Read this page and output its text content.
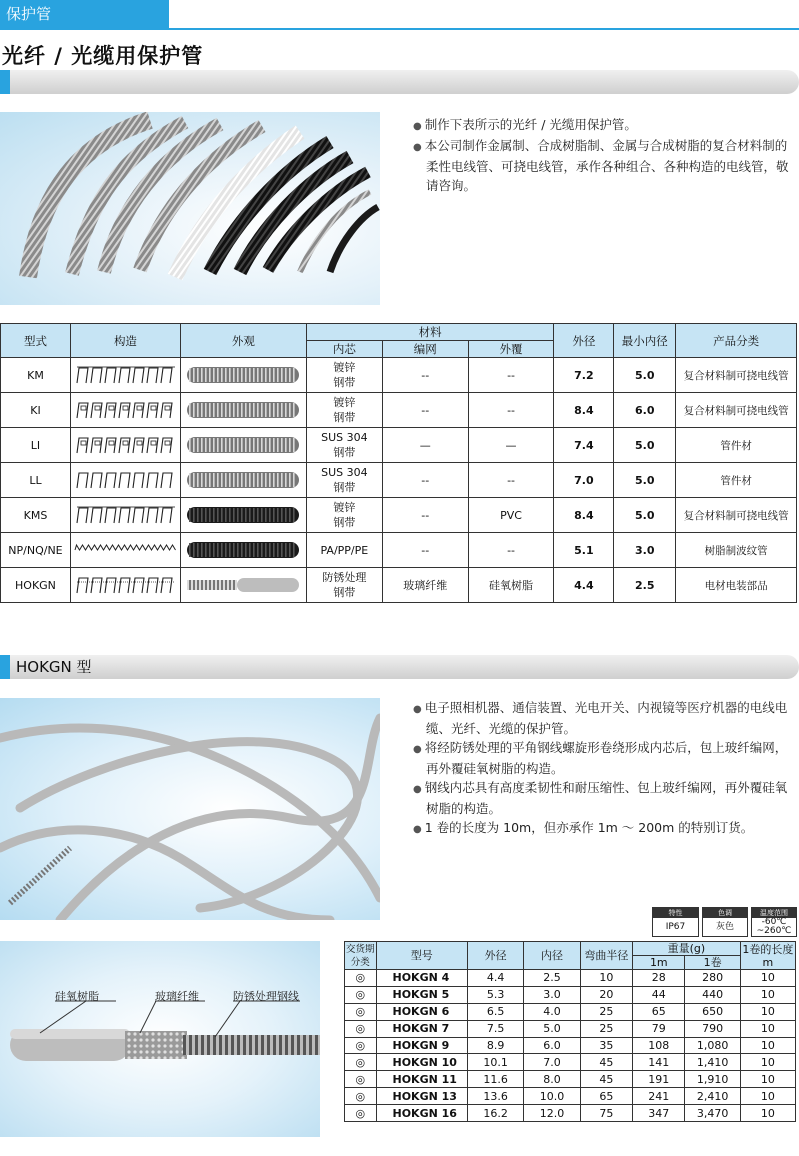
保护管
光纤 / 光缆用保护管
● 制作下表所示的光纤 / 光缆用保护管。
● 本公司制作金属制、合成树脂制、金属与合成树脂的复合材料制的柔性电线管、可挠电线管，承作各种组合、各种构造的电线管，敬请咨询。
型式	构造	外观	材料			外径	最小内径	产品分类
			内芯	编网	外覆			
KM			镀锌
钢带	--	--	7.2	5.0	复合材料制可挠电线管
KI			镀锌
钢带	--	--	8.4	6.0	复合材料制可挠电线管
LI			SUS 304
钢带	—	—	7.4	5.0	管件材
LL			SUS 304
钢带	--	--	7.0	5.0	管件材
KMS			镀锌
钢带	--	PVC	8.4	5.0	复合材料制可挠电线管
NP/NQ/NE			PA/PP/PE	--	--	5.1	3.0	树脂制波纹管
HOKGN			防锈处理
钢带	玻璃纤维	硅氧树脂	4.4	2.5	电材电装部品
HOKGN 型
● 电子照相机器、通信装置、光电开关、内视镜等医疗机器的电线电缆、光纤、光缆的保护管。
● 将经防锈处理的平角钢线螺旋形卷绕形成内芯后，包上玻纤编网，再外覆硅氧树脂的构造。
● 钢线内芯具有高度柔韧性和耐压缩性、包上玻纤编网，再外覆硅氧树脂的构造。
● 1 卷的长度为 10m，但亦承作 1m ～ 200m 的特别订货。
特性
IP67
色调
灰色
温度范围
-60℃
~260℃
硅氧树脂	玻璃纤维	防锈处理钢线
交货期
分类	型号	外径	内径	弯曲半径	重量(g)		1卷的长度
m
					1m	1卷	
◎	HOKGN 4	4.4	2.5	10	28	280	10
◎	HOKGN 5	5.3	3.0	20	44	440	10
◎	HOKGN 6	6.5	4.0	25	65	650	10
◎	HOKGN 7	7.5	5.0	25	79	790	10
◎	HOKGN 9	8.9	6.0	35	108	1,080	10
◎	HOKGN 10	10.1	7.0	45	141	1,410	10
◎	HOKGN 11	11.6	8.0	45	191	1,910	10
◎	HOKGN 13	13.6	10.0	65	241	2,410	10
◎	HOKGN 16	16.2	12.0	75	347	3,470	10
